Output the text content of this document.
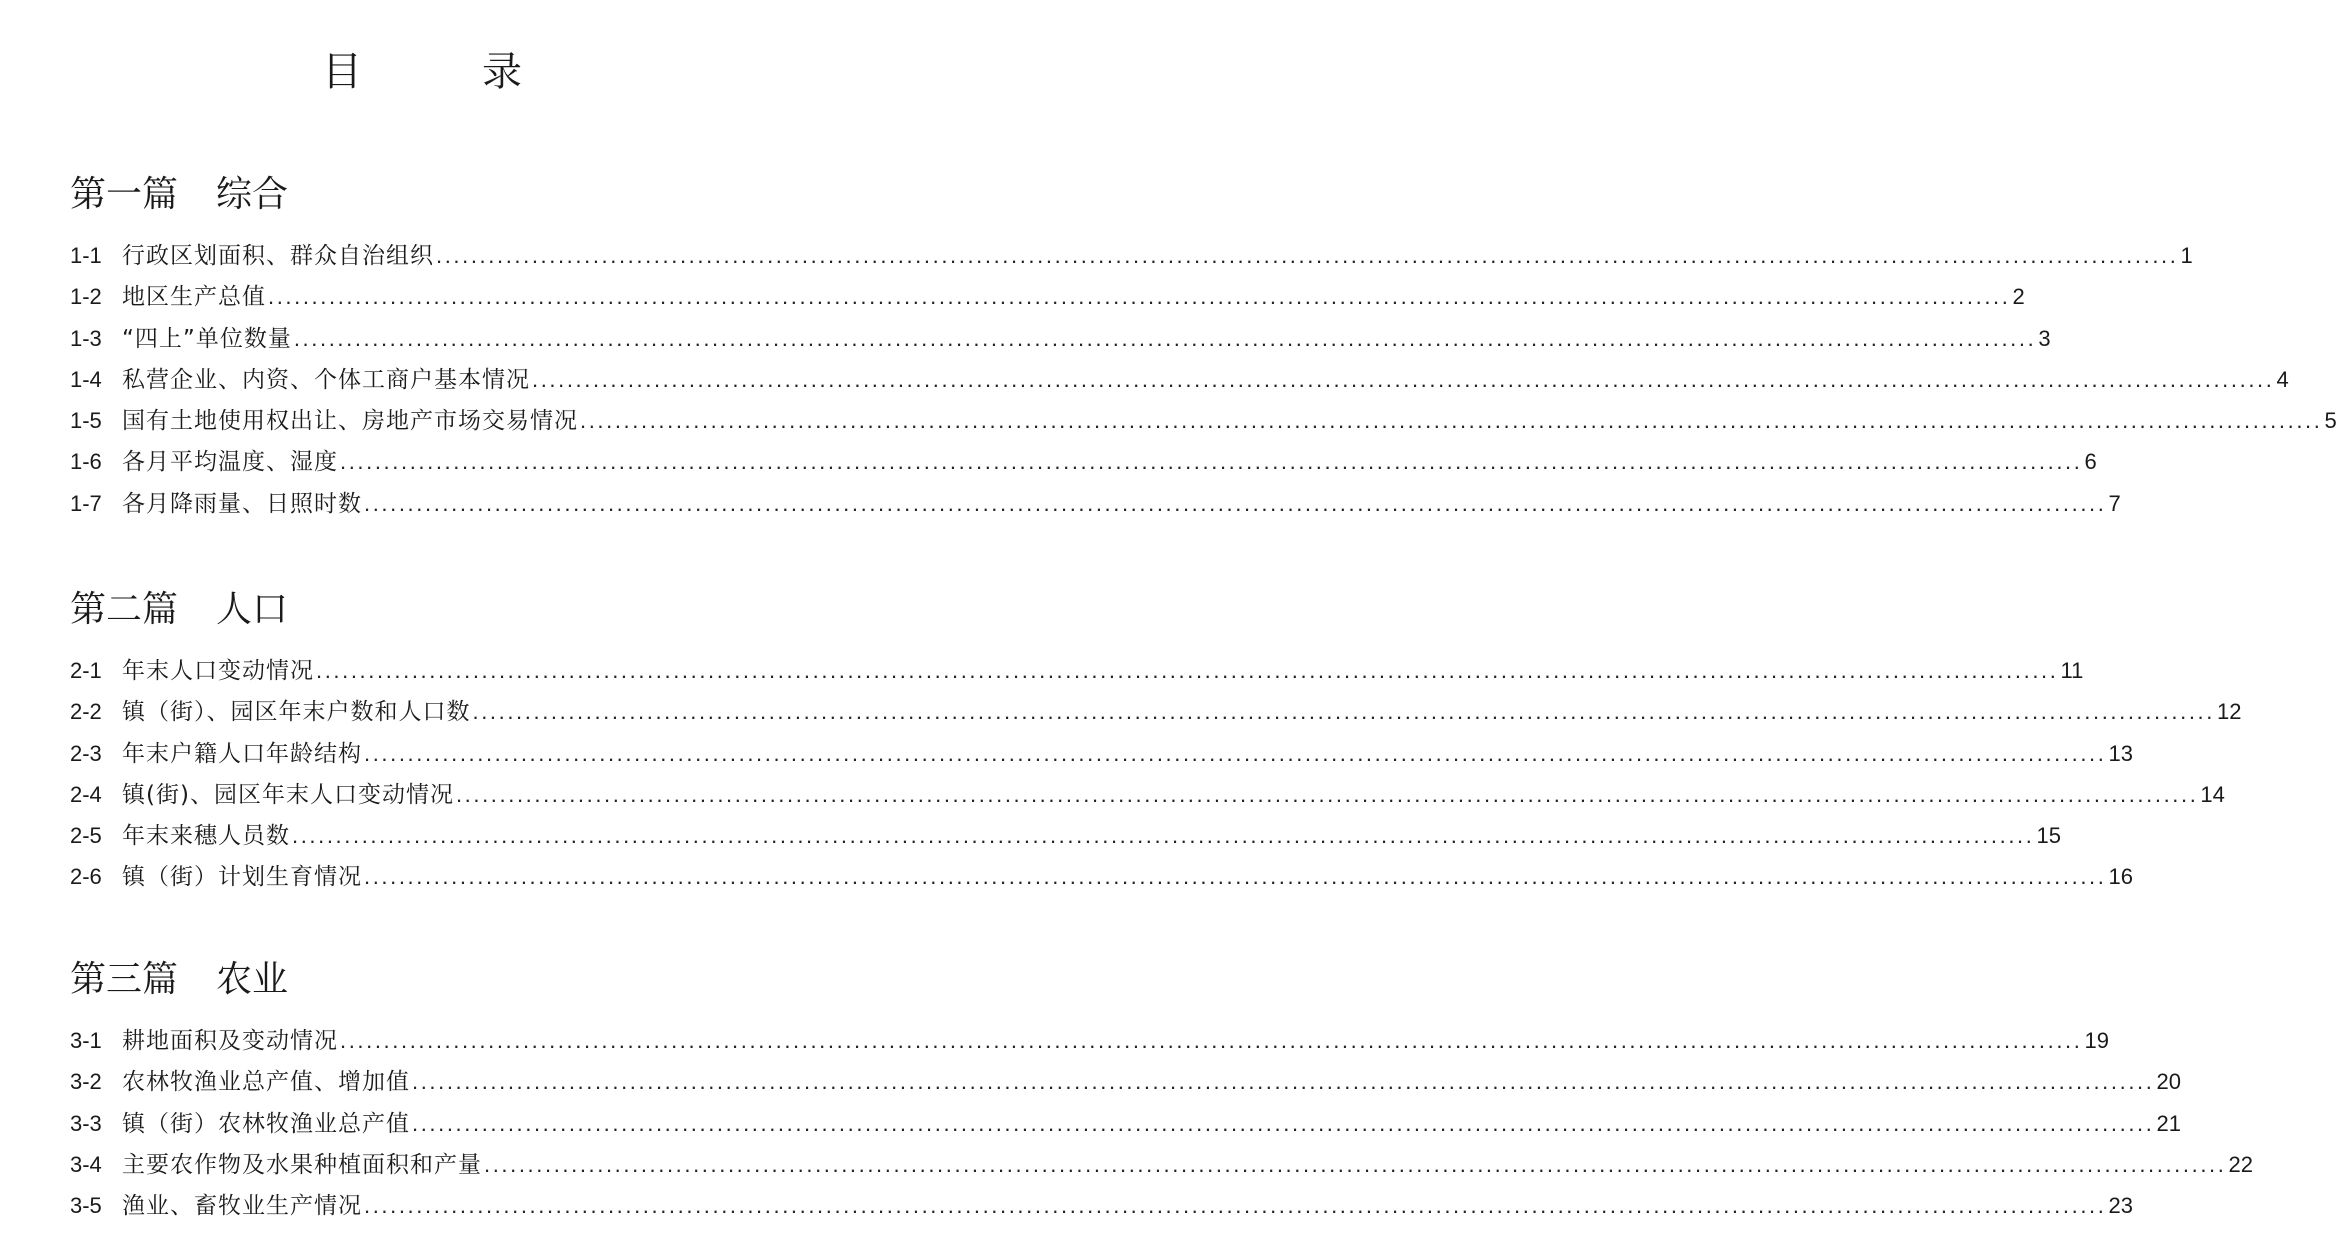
目　录
第一篇 综合
1-1 行政区划面积、群众自治组织 ........................................................................................................................................................................................................ 1
1-2 地区生产总值 ........................................................................................................................................................................................................ 2
1-3 “四上”单位数量 ........................................................................................................................................................................................................ 3
1-4 私营企业、内资、个体工商户基本情况 ........................................................................................................................................................................................................ 4
1-5 国有土地使用权出让、房地产市场交易情况 ........................................................................................................................................................................................................ 5
1-6 各月平均温度、湿度 ........................................................................................................................................................................................................ 6
1-7 各月降雨量、日照时数 ........................................................................................................................................................................................................ 7
第二篇 人口
2-1 年末人口变动情况 ........................................................................................................................................................................................................ 11
2-2 镇（街）、园区年末户数和人口数 ........................................................................................................................................................................................................ 12
2-3 年末户籍人口年龄结构 ........................................................................................................................................................................................................ 13
2-4 镇(街)、园区年末人口变动情况 ........................................................................................................................................................................................................ 14
2-5 年末来穗人员数 ........................................................................................................................................................................................................ 15
2-6 镇（街）计划生育情况 ........................................................................................................................................................................................................ 16
第三篇 农业
3-1 耕地面积及变动情况 ........................................................................................................................................................................................................ 19
3-2 农林牧渔业总产值、增加值 ........................................................................................................................................................................................................ 20
3-3 镇（街）农林牧渔业总产值 ........................................................................................................................................................................................................ 21
3-4 主要农作物及水果种植面积和产量 ........................................................................................................................................................................................................ 22
3-5 渔业、畜牧业生产情况 ........................................................................................................................................................................................................ 23
